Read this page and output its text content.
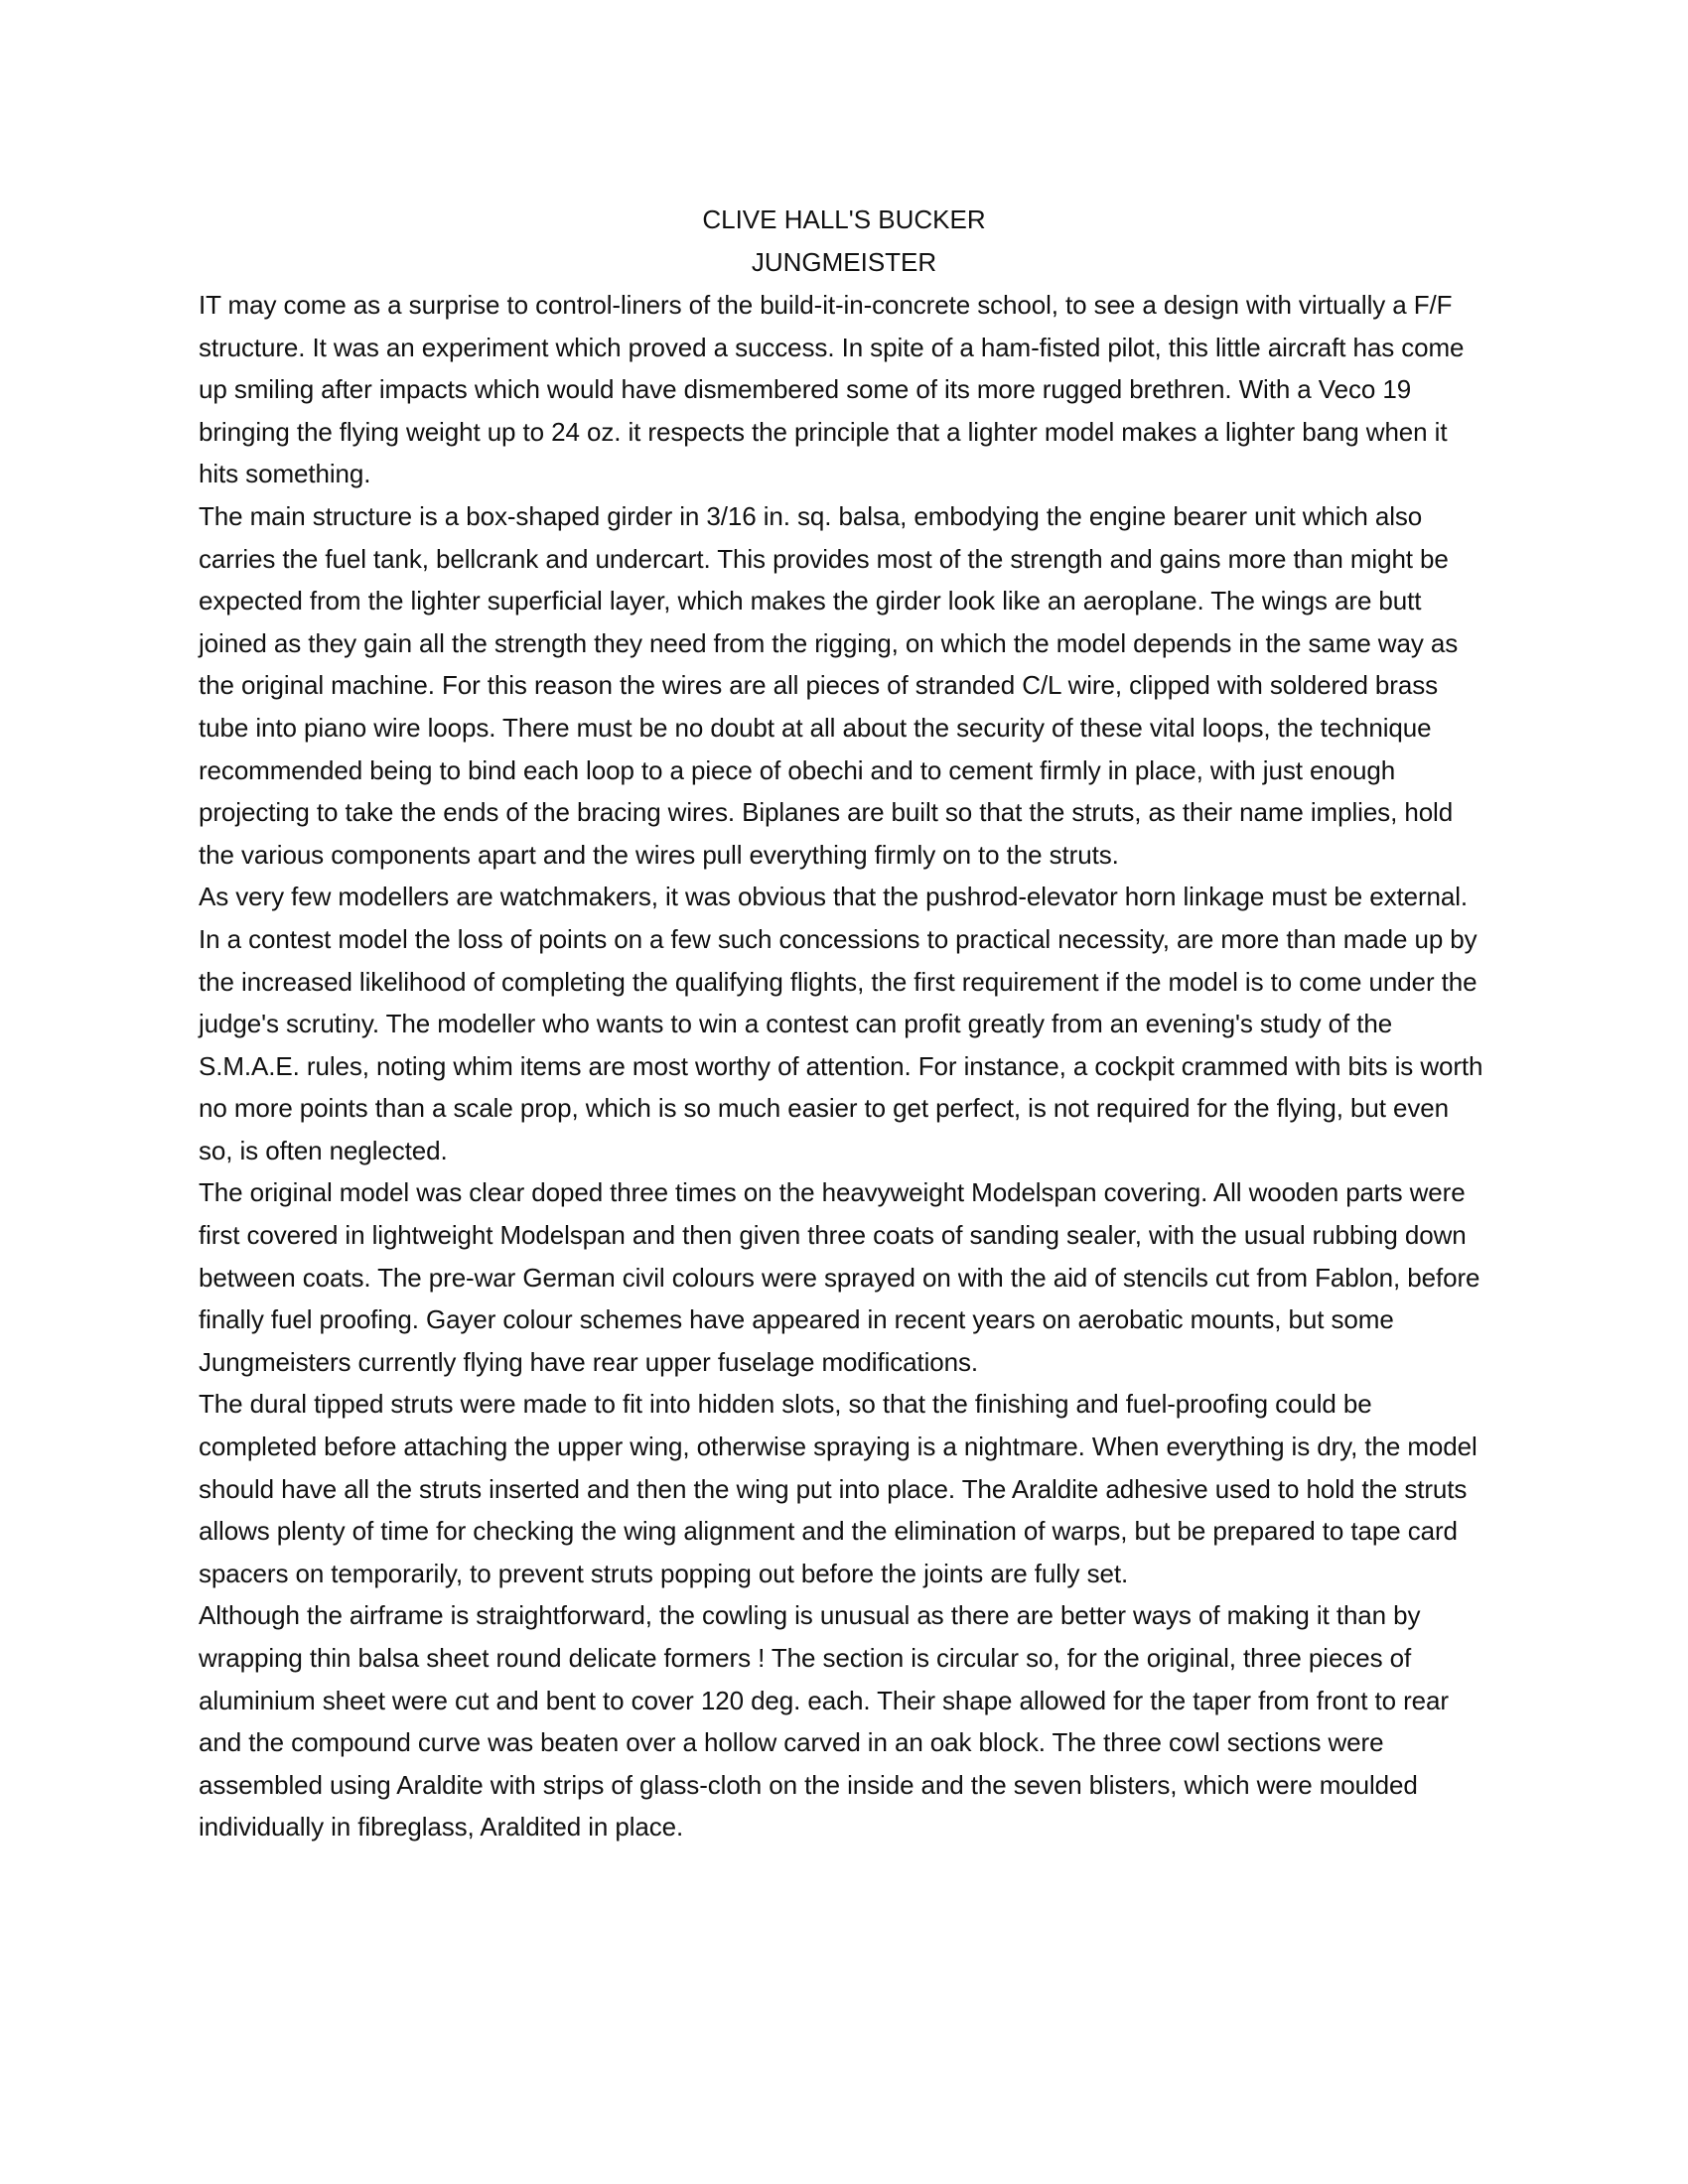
CLIVE HALL'S BUCKER

JUNGMEISTER

IT may come as a surprise to control-liners of the build-it-in-concrete school, to see a design with virtually a F/F structure. It was an experiment which proved a success. In spite of a ham-fisted pilot, this little aircraft has come up smiling after impacts which would have dismembered some of its more rugged brethren. With a Veco 19 bringing the flying weight up to 24 oz. it respects the principle that a lighter model makes a lighter bang when it hits something.

The main structure is a box-shaped girder in 3/16 in. sq. balsa, embodying the engine bearer unit which also carries the fuel tank, bellcrank and undercart. This provides most of the strength and gains more than might be expected from the lighter superficial layer, which makes the girder look like an aeroplane. The wings are butt joined as they gain all the strength they need from the rigging, on which the model depends in the same way as the original machine. For this reason the wires are all pieces of stranded C/L wire, clipped with soldered brass tube into piano wire loops. There must be no doubt at all about the security of these vital loops, the technique recommended being to bind each loop to a piece of obechi and to cement firmly in place, with just enough projecting to take the ends of the bracing wires. Biplanes are built so that the struts, as their name implies, hold the various components apart and the wires pull everything firmly on to the struts.

As very few modellers are watchmakers, it was obvious that the pushrod-elevator horn linkage must be external. In a contest model the loss of points on a few such concessions to practical necessity, are more than made up by the increased likelihood of completing the qualifying flights, the first requirement if the model is to come under the judge's scrutiny. The modeller who wants to win a contest can profit greatly from an evening's study of the S.M.A.E. rules, noting whim items are most worthy of attention. For instance, a cockpit crammed with bits is worth no more points than a scale prop, which is so much easier to get perfect, is not required for the flying, but even so, is often neglected.

The original model was clear doped three times on the heavyweight Modelspan covering. All wooden parts were first covered in lightweight Modelspan and then given three coats of sanding sealer, with the usual rubbing down between coats. The pre-war German civil colours were sprayed on with the aid of stencils cut from Fablon, before finally fuel proofing. Gayer colour schemes have appeared in recent years on aerobatic mounts, but some Jungmeisters currently flying have rear upper fuselage modifications.

The dural tipped struts were made to fit into hidden slots, so that the finishing and fuel-proofing could be completed before attaching the upper wing, otherwise spraying is a nightmare. When everything is dry, the model should have all the struts inserted and then the wing put into place. The Araldite adhesive used to hold the struts allows plenty of time for checking the wing alignment and the elimination of warps, but be prepared to tape card spacers on temporarily, to prevent struts popping out before the joints are fully set.

Although the airframe is straightforward, the cowling is unusual as there are better ways of making it than by wrapping thin balsa sheet round delicate formers ! The section is circular so, for the original, three pieces of aluminium sheet were cut and bent to cover 120 deg. each. Their shape allowed for the taper from front to rear and the compound curve was beaten over a hollow carved in an oak block. The three cowl sections were assembled using Araldite with strips of glass-cloth on the inside and the seven blisters, which were moulded individually in fibreglass, Araldited in place.
